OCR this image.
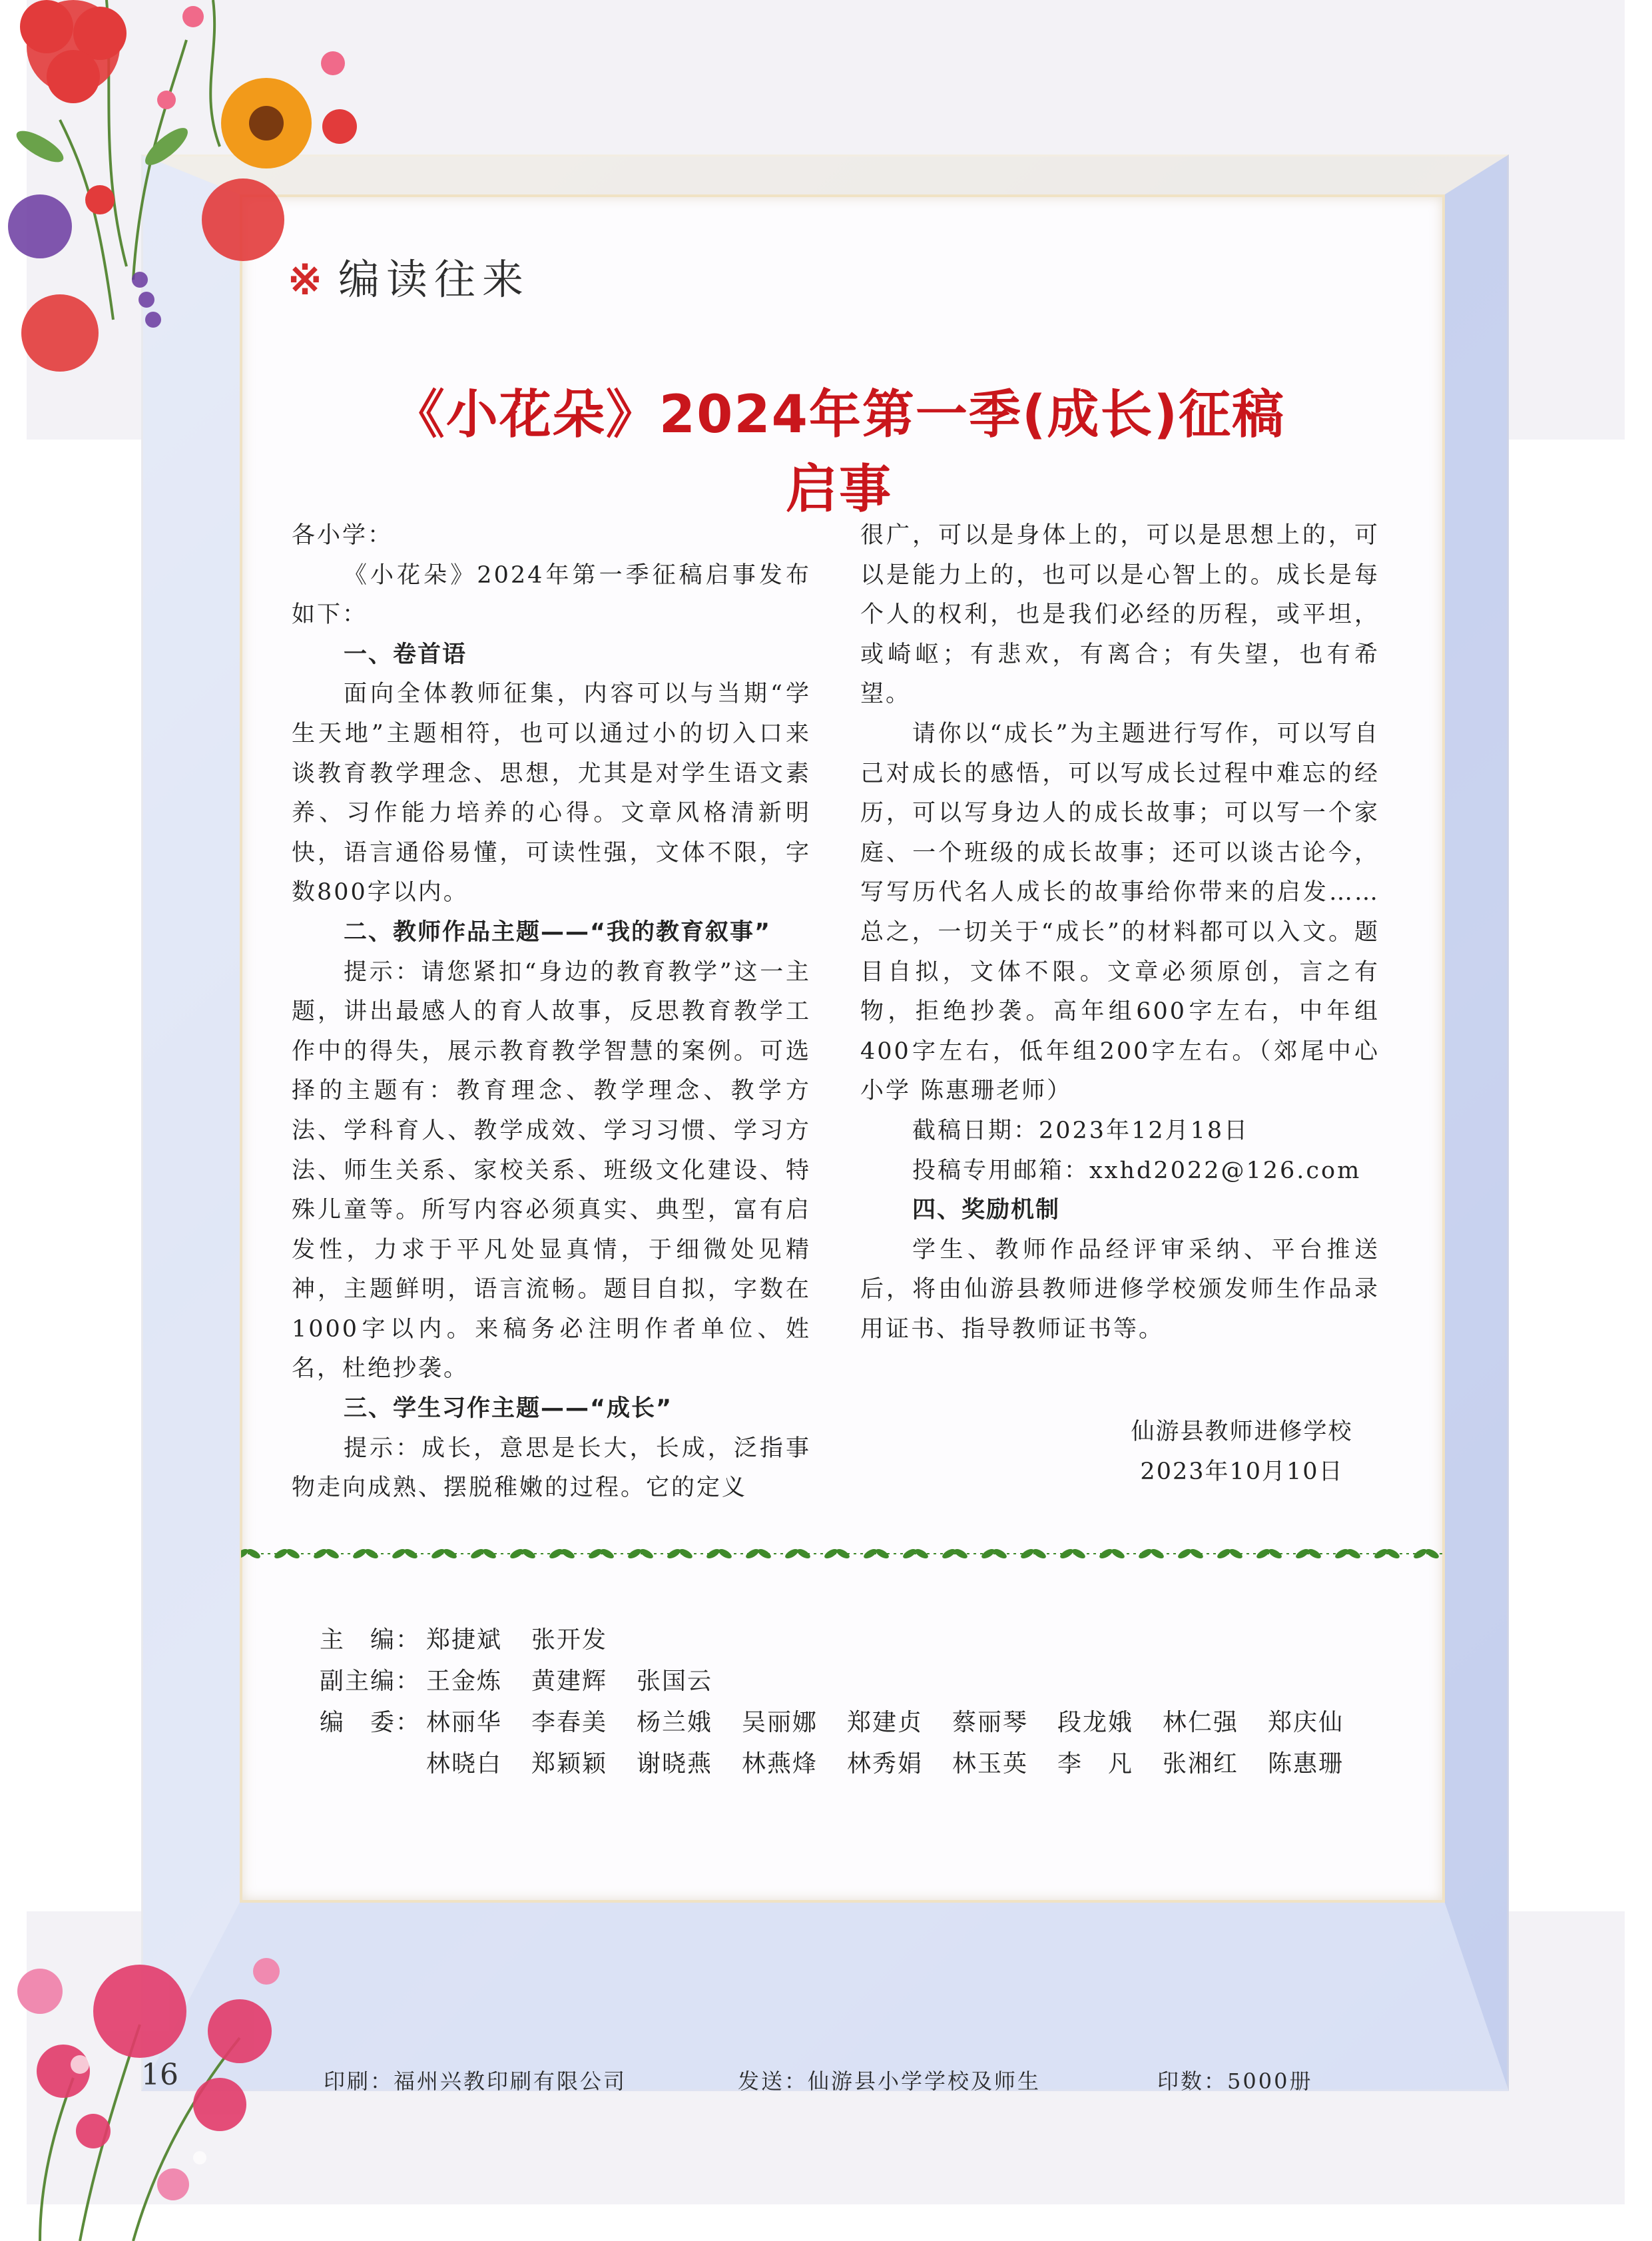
※ 编读往来
《小花朵》2024年第一季(成长)征稿启事

各小学：

《小花朵》2024年第一季征稿启事发布如下：

一、卷首语

面向全体教师征集，内容可以与当期“学生天地”主题相符，也可以通过小的切入口来谈教育教学理念、思想，尤其是对学生语文素养、习作能力培养的心得。文章风格清新明快，语言通俗易懂，可读性强，文体不限，字数800字以内。

二、教师作品主题——“我的教育叙事”

提示：请您紧扣“身边的教育教学”这一主题，讲出最感人的育人故事，反思教育教学工作中的得失，展示教育教学智慧的案例。可选择的主题有：教育理念、教学理念、教学方法、学科育人、教学成效、学习习惯、学习方法、师生关系、家校关系、班级文化建设、特殊儿童等。所写内容必须真实、典型，富有启发性，力求于平凡处显真情，于细微处见精神，主题鲜明，语言流畅。题目自拟，字数在1000字以内。来稿务必注明作者单位、姓名，杜绝抄袭。

三、学生习作主题——“成长”

提示：成长，意思是长大，长成，泛指事物走向成熟、摆脱稚嫩的过程。它的定义

很广，可以是身体上的，可以是思想上的，可以是能力上的，也可以是心智上的。成长是每个人的权利，也是我们必经的历程，或平坦，或崎岖；有悲欢，有离合；有失望，也有希望。

请你以“成长”为主题进行写作，可以写自己对成长的感悟，可以写成长过程中难忘的经历，可以写身边人的成长故事；可以写一个家庭、一个班级的成长故事；还可以谈古论今，写写历代名人成长的故事给你带来的启发……总之，一切关于“成长”的材料都可以入文。题目自拟，文体不限。文章必须原创，言之有物，拒绝抄袭。高年组600字左右，中年组400字左右，低年组200字左右。（郊尾中心小学 陈惠珊老师）

截稿日期：2023年12月18日

投稿专用邮箱：xxhd2022@126.com

四、奖励机制

学生、教师作品经评审采纳、平台推送后，将由仙游县教师进修学校颁发师生作品录用证书、指导教师证书等。

仙游县教师进修学校
2023年10月10日
主　编： 郑捷斌	张开发
副主编： 王金炼	黄建辉	张国云
编　委： 林丽华	李春美	杨兰娥	吴丽娜	郑建贞	蔡丽琴	段龙娥	林仁强	郑庆仙
林晓白	郑颖颖	谢晓燕	林燕烽	林秀娟	林玉英	李　凡	张湘红	陈惠珊
16	印刷：福州兴教印刷有限公司	发送：仙游县小学学校及师生	印数：5000册
